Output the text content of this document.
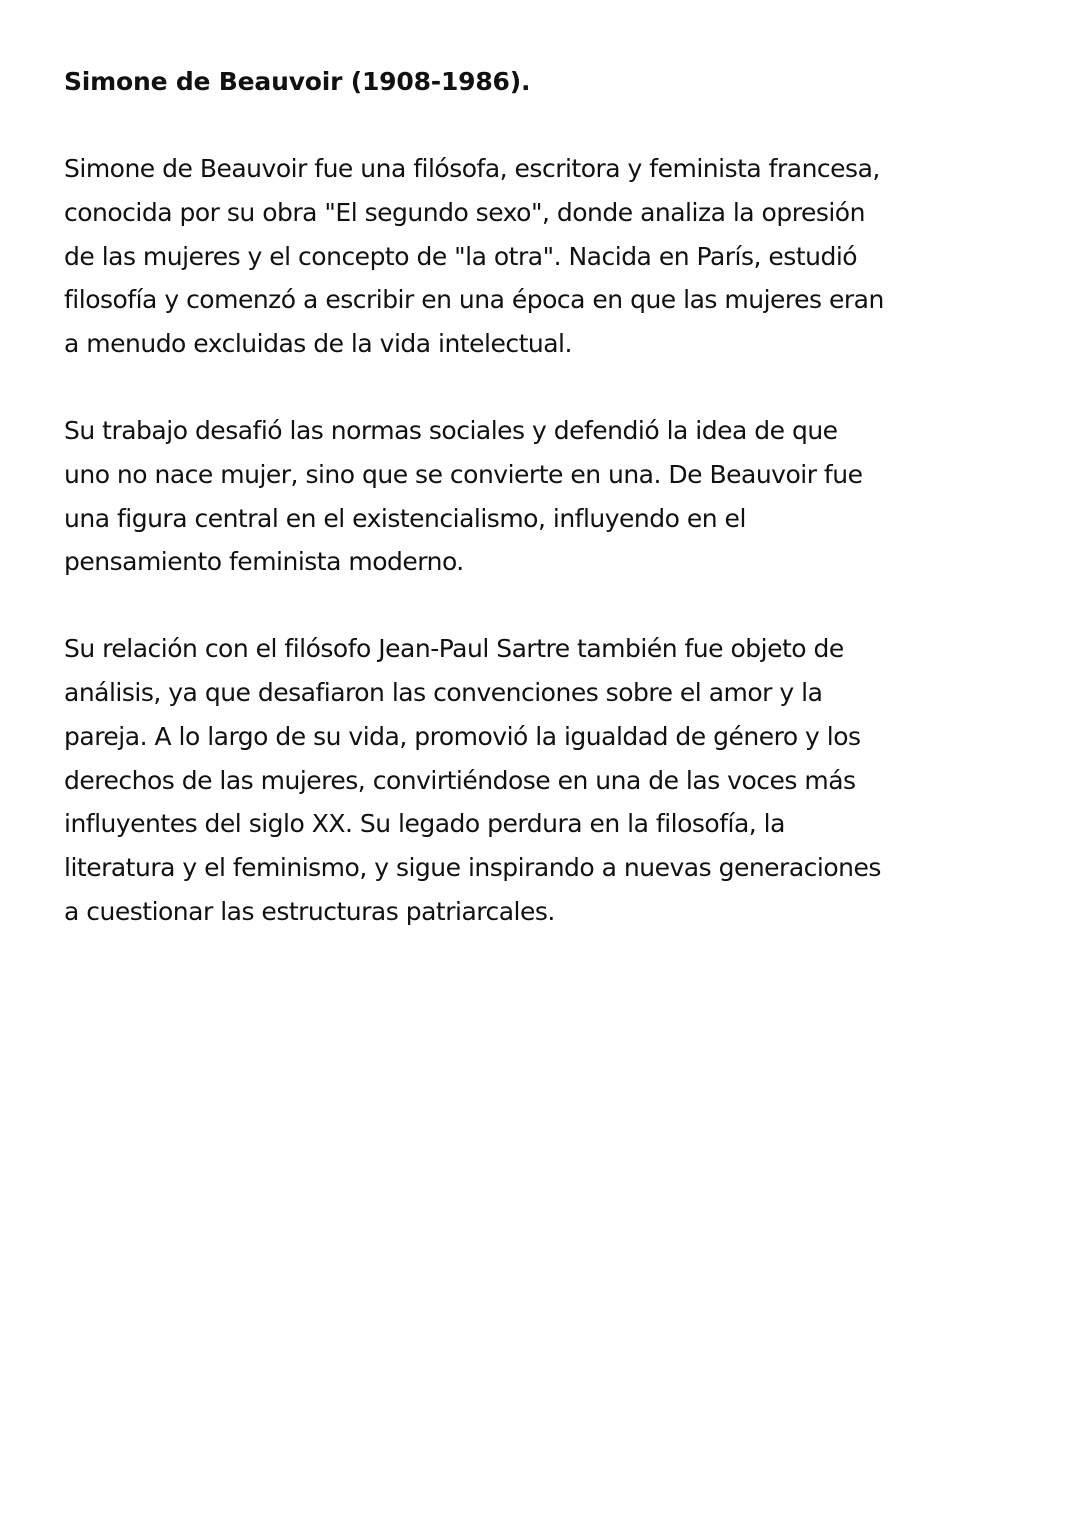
Simone de Beauvoir (1908-1986).

Simone de Beauvoir fue una filósofa, escritora y feminista francesa,
conocida por su obra "El segundo sexo", donde analiza la opresión
de las mujeres y el concepto de "la otra". Nacida en París, estudió
filosofía y comenzó a escribir en una época en que las mujeres eran
a menudo excluidas de la vida intelectual.

Su trabajo desafió las normas sociales y defendió la idea de que
uno no nace mujer, sino que se convierte en una. De Beauvoir fue
una figura central en el existencialismo, influyendo en el
pensamiento feminista moderno.

Su relación con el filósofo Jean-Paul Sartre también fue objeto de
análisis, ya que desafiaron las convenciones sobre el amor y la
pareja. A lo largo de su vida, promovió la igualdad de género y los
derechos de las mujeres, convirtiéndose en una de las voces más
influyentes del siglo XX. Su legado perdura en la filosofía, la
literatura y el feminismo, y sigue inspirando a nuevas generaciones
a cuestionar las estructuras patriarcales.
